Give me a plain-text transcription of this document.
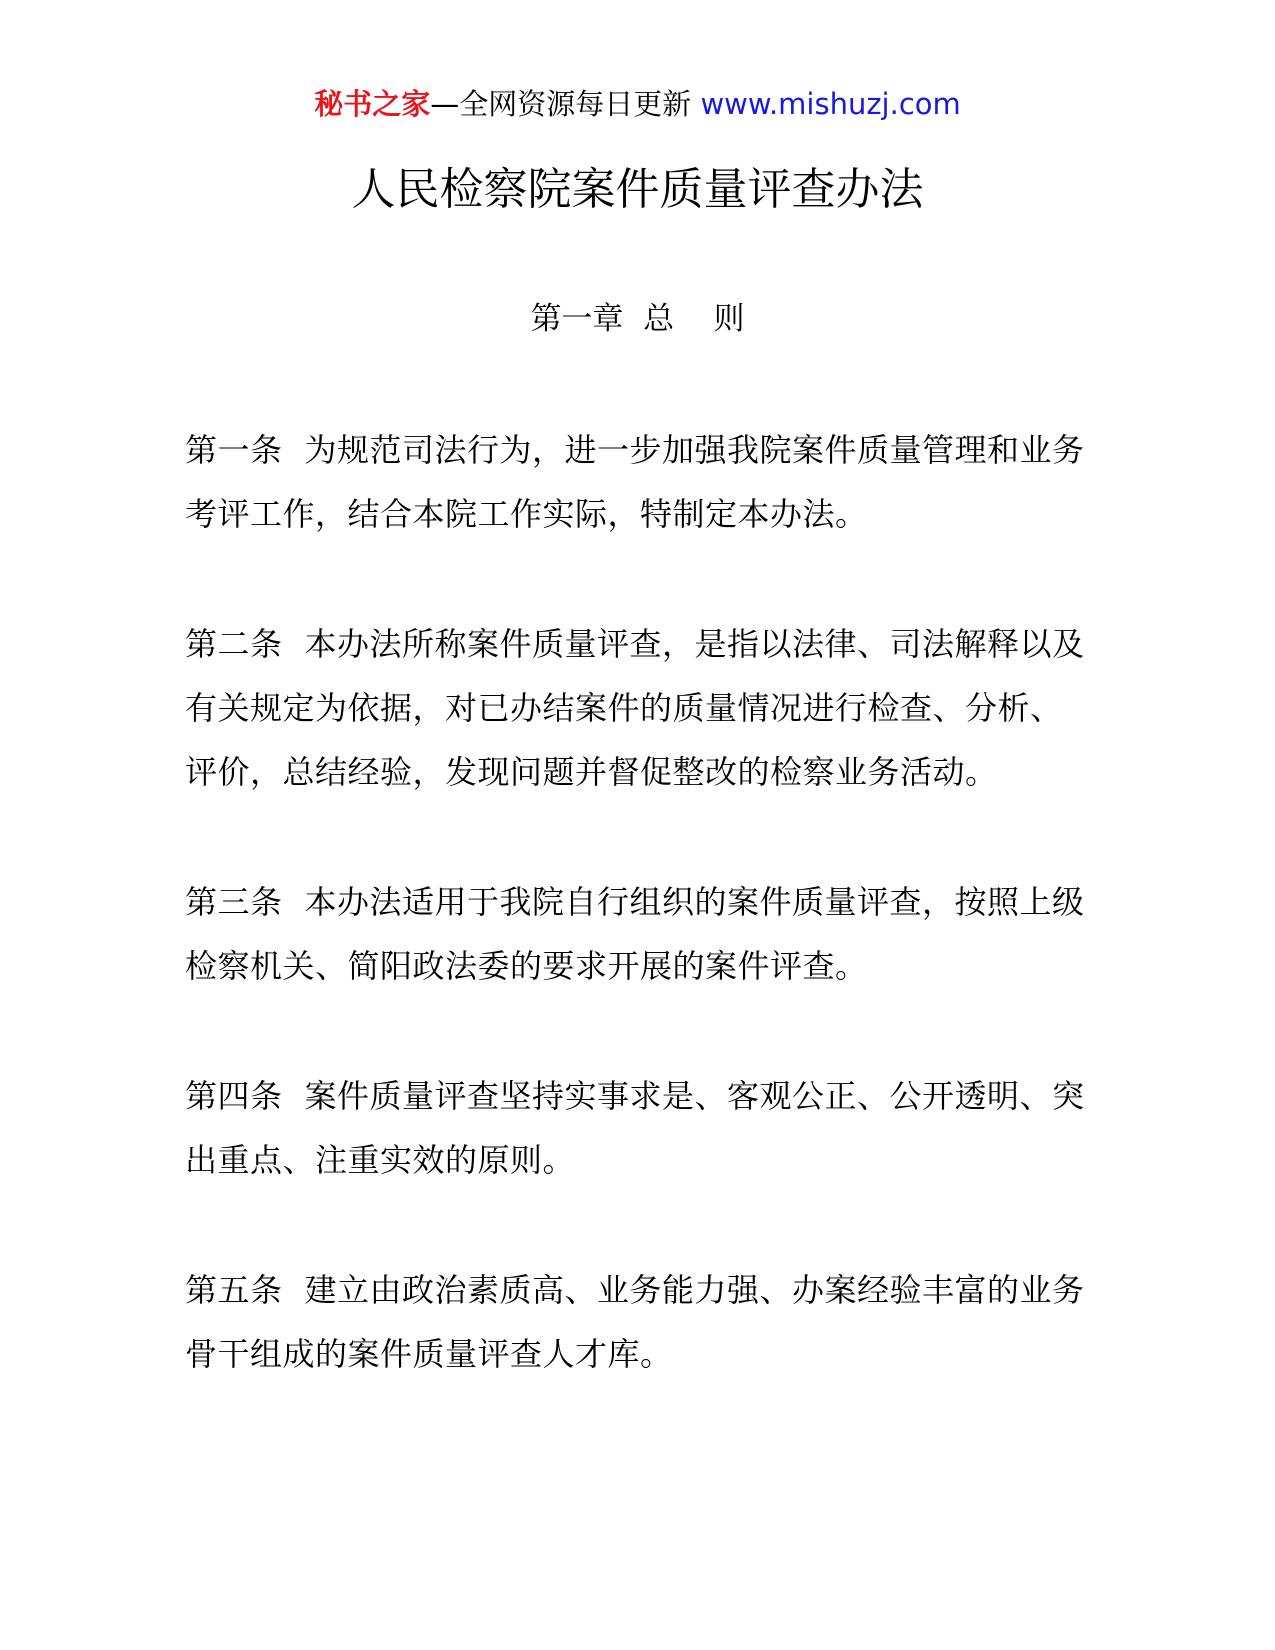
秘书之家—全网资源每日更新 www.mishuzj.com
人民检察院案件质量评查办法
第一章  总    则

第一条 为规范司法行为，进一步加强我院案件质量管理和业务考评工作，结合本院工作实际，特制定本办法。

第二条 本办法所称案件质量评查，是指以法律、司法解释以及有关规定为依据，对已办结案件的质量情况进行检查、分析、评价，总结经验，发现问题并督促整改的检察业务活动。

第三条 本办法适用于我院自行组织的案件质量评查，按照上级检察机关、简阳政法委的要求开展的案件评查。

第四条 案件质量评查坚持实事求是、客观公正、公开透明、突出重点、注重实效的原则。

第五条 建立由政治素质高、业务能力强、办案经验丰富的业务骨干组成的案件质量评查人才库。
